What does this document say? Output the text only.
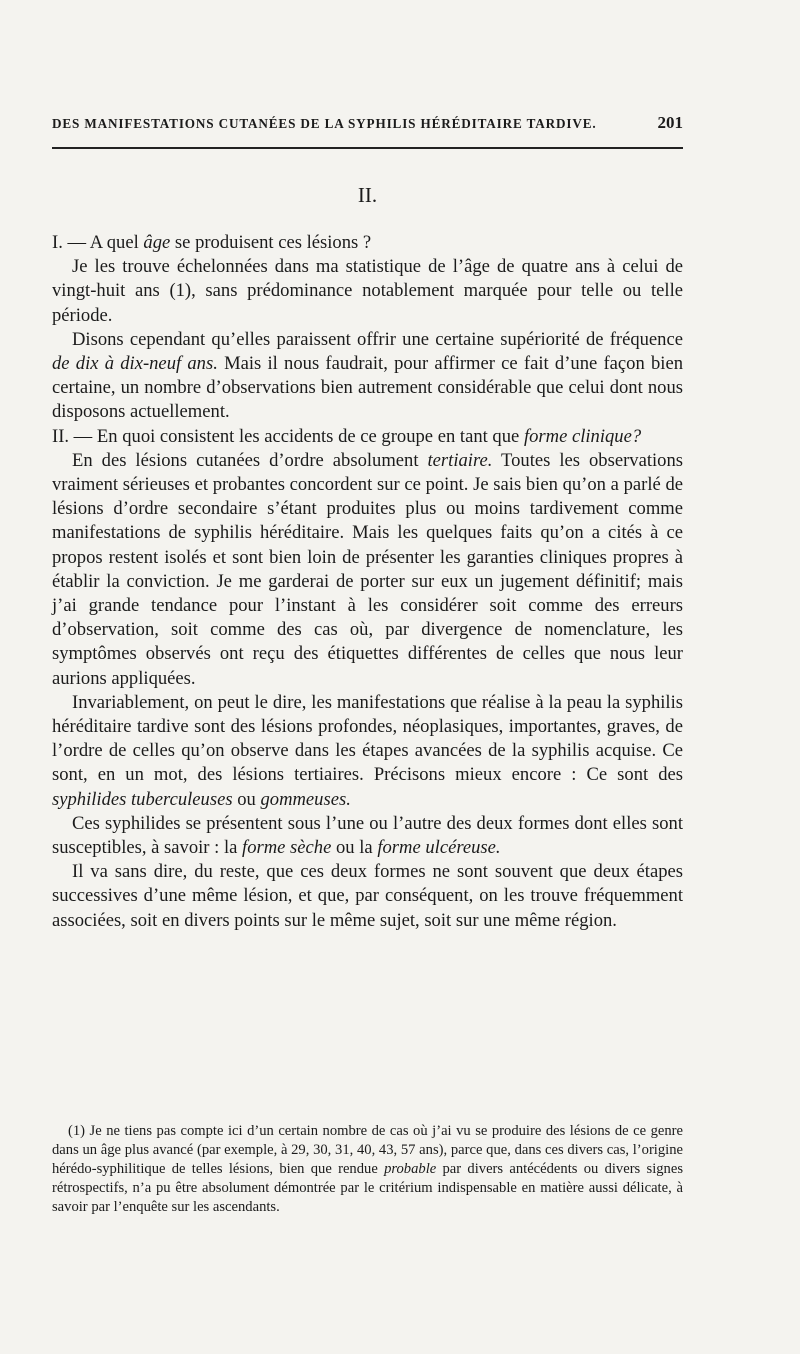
DES MANIFESTATIONS CUTANÉES DE LA SYPHILIS HÉRÉDITAIRE TARDIVE.	201
II.

I. — A quel âge se produisent ces lésions ?

Je les trouve échelonnées dans ma statistique de l’âge de quatre ans à celui de vingt-huit ans (1), sans prédominance notablement marquée pour telle ou telle période.

Disons cependant qu’elles paraissent offrir une certaine supériorité de fréquence de dix à dix-neuf ans. Mais il nous faudrait, pour affirmer ce fait d’une façon bien certaine, un nombre d’observations bien autrement considérable que celui dont nous disposons actuellement.

II. — En quoi consistent les accidents de ce groupe en tant que forme clinique?

En des lésions cutanées d’ordre absolument tertiaire. Toutes les observations vraiment sérieuses et probantes concordent sur ce point. Je sais bien qu’on a parlé de lésions d’ordre secondaire s’étant produites plus ou moins tardivement comme manifestations de syphilis héréditaire. Mais les quelques faits qu’on a cités à ce propos restent isolés et sont bien loin de présenter les garanties cliniques propres à établir la conviction. Je me garderai de porter sur eux un jugement définitif; mais j’ai grande tendance pour l’instant à les considérer soit comme des erreurs d’observation, soit comme des cas où, par divergence de nomenclature, les symptômes observés ont reçu des étiquettes différentes de celles que nous leur aurions appliquées.

Invariablement, on peut le dire, les manifestations que réalise à la peau la syphilis héréditaire tardive sont des lésions profondes, néoplasiques, importantes, graves, de l’ordre de celles qu’on observe dans les étapes avancées de la syphilis acquise. Ce sont, en un mot, des lésions tertiaires. Précisons mieux encore : Ce sont des syphilides tuberculeuses ou gommeuses.

Ces syphilides se présentent sous l’une ou l’autre des deux formes dont elles sont susceptibles, à savoir : la forme sèche ou la forme ulcéreuse.

Il va sans dire, du reste, que ces deux formes ne sont souvent que deux étapes successives d’une même lésion, et que, par conséquent, on les trouve fréquemment associées, soit en divers points sur le même sujet, soit sur une même région.

(1) Je ne tiens pas compte ici d’un certain nombre de cas où j’ai vu se produire des lésions de ce genre dans un âge plus avancé (par exemple, à 29, 30, 31, 40, 43, 57 ans), parce que, dans ces divers cas, l’origine hérédo-syphilitique de telles lésions, bien que rendue probable par divers antécédents ou divers signes rétrospectifs, n’a pu être absolument démontrée par le critérium indispensable en matière aussi délicate, à savoir par l’enquête sur les ascendants.
